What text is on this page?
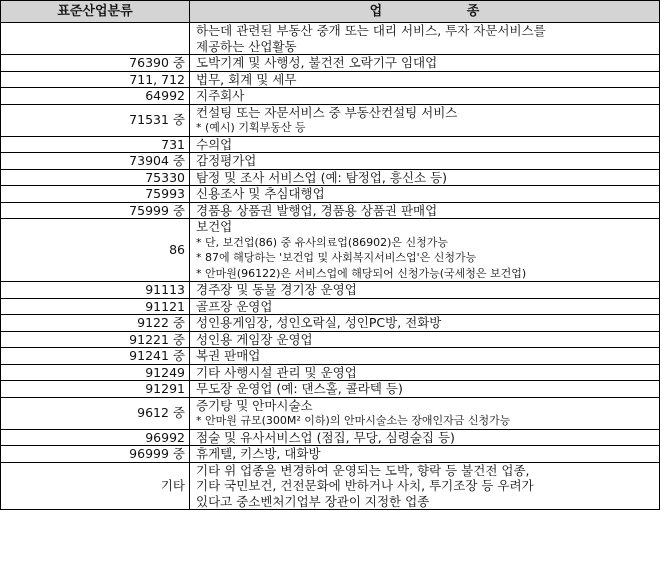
표준산업분류	업 종

	하는데 관련된 부동산 중개 또는 대리 서비스, 투자 자문서비스를
제공하는 산업활동

76390 중	도박기계 및 사행성, 불건전 오락기구 임대업

711, 712	법무, 회계 및 세무

64992	지주회사

71531 중	컨설팅 또는 자문서비스 중 부동산컨설팅 서비스
* (예시) 기획부동산 등

731	수의업

73904 중	감정평가업

75330	탐정 및 조사 서비스업 (예: 탐정업, 흥신소 등)

75993	신용조사 및 추심대행업

75999 중	경품용 상품권 발행업, 경품용 상품권 판매업

86	보건업
* 단, 보건업(86) 중 유사의료업(86902)은 신청가능
* 87에 해당하는 '보건업 및 사회복지서비스업'은 신청가능
* 안마원(96122)은 서비스업에 해당되어 신청가능(국세청은 보건업)

91113	경주장 및 동물 경기장 운영업

91121	골프장 운영업

9122 중	성인용게임장, 성인오락실, 성인PC방, 전화방

91221 중	성인용 게임장 운영업

91241 중	복권 판매업

91249	기타 사행시설 관리 및 운영업

91291	무도장 운영업 (예: 댄스홀, 콜라텍 등)

9612 중	증기탕 및 안마시술소
* 안마원 규모(300M² 이하)의 안마시술소는 장애인자금 신청가능

96992	점술 및 유사서비스업 (점집, 무당, 심령술집 등)

96999 중	휴게텔, 키스방, 대화방

기타	기타 위 업종을 변경하여 운영되는 도박, 향락 등 불건전 업종,
기타 국민보건, 건전문화에 반하거나 사치, 투기조장 등 우려가
있다고 중소벤처기업부 장관이 지정한 업종
